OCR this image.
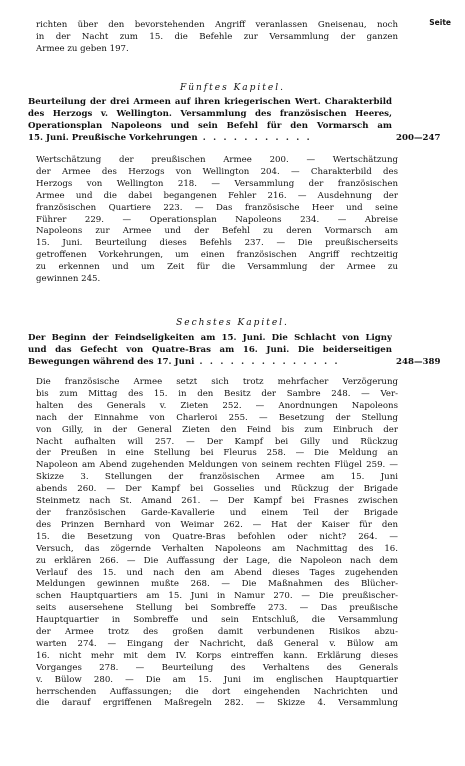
Seite
richten über den bevorstehenden Angriff veranlassen Gneisenau, noch
in der Nacht zum 15. die Befehle zur Versammlung der ganzen
Armee zu geben 197.
Fünftes Kapitel.
Beurteilung der drei Armeen auf ihren kriegerischen Wert. Charakterbild
des Herzogs v. Wellington. Versammlung des französischen Heeres,
Operationsplan Napoleons und sein Befehl für den Vormarsch am
15. Juni. Preußische Vorkehrungen . . . . . . . . . . .	200—247
Wertschätzung der preußischen Armee 200. — Wertschätzung
der Armee des Herzogs von Wellington 204. — Charakterbild des
Herzogs von Wellington 218. — Versammlung der französischen
Armee und die dabei begangenen Fehler 216. — Ausdehnung der
französischen Quartiere 223. — Das französische Heer und seine
Führer 229. — Operationsplan Napoleons 234. — Abreise
Napoleons zur Armee und der Befehl zu deren Vormarsch am
15. Juni. Beurteilung dieses Befehls 237. — Die preußischerseits
getroffenen Vorkehrungen, um einen französischen Angriff rechtzeitig
zu erkennen und um Zeit für die Versammlung der Armee zu
gewinnen 245.
Sechstes Kapitel.
Der Beginn der Feindseligkeiten am 15. Juni. Die Schlacht von Ligny
und das Gefecht von Quatre-Bras am 16. Juni. Die beiderseitigen
Bewegungen während des 17. Juni . . . . . . . . . . . . . .	248—389
Die französische Armee setzt sich trotz mehrfacher Verzögerung
bis zum Mittag des 15. in den Besitz der Sambre 248. — Ver-
halten des Generals v. Zieten 252. — Anordnungen Napoleons
nach der Einnahme von Charleroi 255. — Besetzung der Stellung
von Gilly, in der General Zieten den Feind bis zum Einbruch der
Nacht aufhalten will 257. — Der Kampf bei Gilly und Rückzug
der Preußen in eine Stellung bei Fleurus 258. — Die Meldung an
Napoleon am Abend zugehenden Meldungen von seinem rechten Flügel 259. —
Skizze 3. Stellungen der französischen Armee am 15. Juni
abends 260. — Der Kampf bei Gosselies und Rückzug der Brigade
Steinmetz nach St. Amand 261. — Der Kampf bei Frasnes zwischen
der französischen Garde-Kavallerie und einem Teil der Brigade
des Prinzen Bernhard von Weimar 262. — Hat der Kaiser für den
15. die Besetzung von Quatre-Bras befohlen oder nicht? 264. —
Versuch, das zögernde Verhalten Napoleons am Nachmittag des 16.
zu erklären 266. — Die Auffassung der Lage, die Napoleon nach dem
Verlauf des 15. und nach den am Abend dieses Tages zugehenden
Meldungen gewinnen mußte 268. — Die Maßnahmen des Blücher-
schen Hauptquartiers am 15. Juni in Namur 270. — Die preußischer-
seits ausersehene Stellung bei Sombreffe 273. — Das preußische
Hauptquartier in Sombreffe und sein Entschluß, die Versammlung
der Armee trotz des großen damit verbundenen Risikos abzu-
warten 274. — Eingang der Nachricht, daß General v. Bülow am
16. nicht mehr mit dem IV. Korps eintreffen kann. Erklärung dieses
Vorganges 278. — Beurteilung des Verhaltens des Generals
v. Bülow 280. — Die am 15. Juni im englischen Hauptquartier
herrschenden Auffassungen; die dort eingehenden Nachrichten und
die darauf ergriffenen Maßregeln 282. — Skizze 4. Versammlung
